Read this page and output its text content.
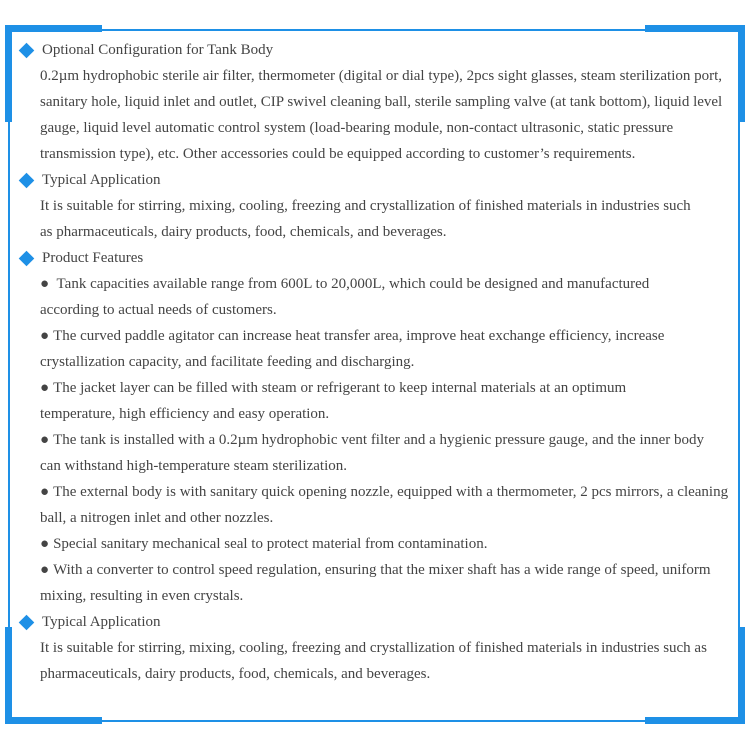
Optional Configuration for Tank Body
0.2µm hydrophobic sterile air filter, thermometer (digital or dial type), 2pcs sight glasses, steam sterilization port, sanitary hole, liquid inlet and outlet, CIP swivel cleaning ball, sterile sampling valve (at tank bottom), liquid level gauge, liquid level automatic control system (load-bearing module, non-contact ultrasonic, static pressure transmission type), etc. Other accessories could be equipped according to customer’s requirements.
Typical Application
It is suitable for stirring, mixing, cooling, freezing and crystallization of finished materials in industries such as pharmaceuticals, dairy products, food, chemicals, and beverages.
Product Features
● Tank capacities available range from 600L to 20,000L, which could be designed and manufactured according to actual needs of customers.
● The curved paddle agitator can increase heat transfer area, improve heat exchange efficiency, increase crystallization capacity, and facilitate feeding and discharging.
● The jacket layer can be filled with steam or refrigerant to keep internal materials at an optimum temperature, high efficiency and easy operation.
● The tank is installed with a 0.2µm hydrophobic vent filter and a hygienic pressure gauge, and the inner body can withstand high-temperature steam sterilization.
● The external body is with sanitary quick opening nozzle, equipped with a thermometer, 2 pcs mirrors, a cleaning ball, a nitrogen inlet and other nozzles.
● Special sanitary mechanical seal to protect material from contamination.
● With a converter to control speed regulation, ensuring that the mixer shaft has a wide range of speed, uniform mixing, resulting in even crystals.
Typical Application
It is suitable for stirring, mixing, cooling, freezing and crystallization of finished materials in industries such as pharmaceuticals, dairy products, food, chemicals, and beverages.
